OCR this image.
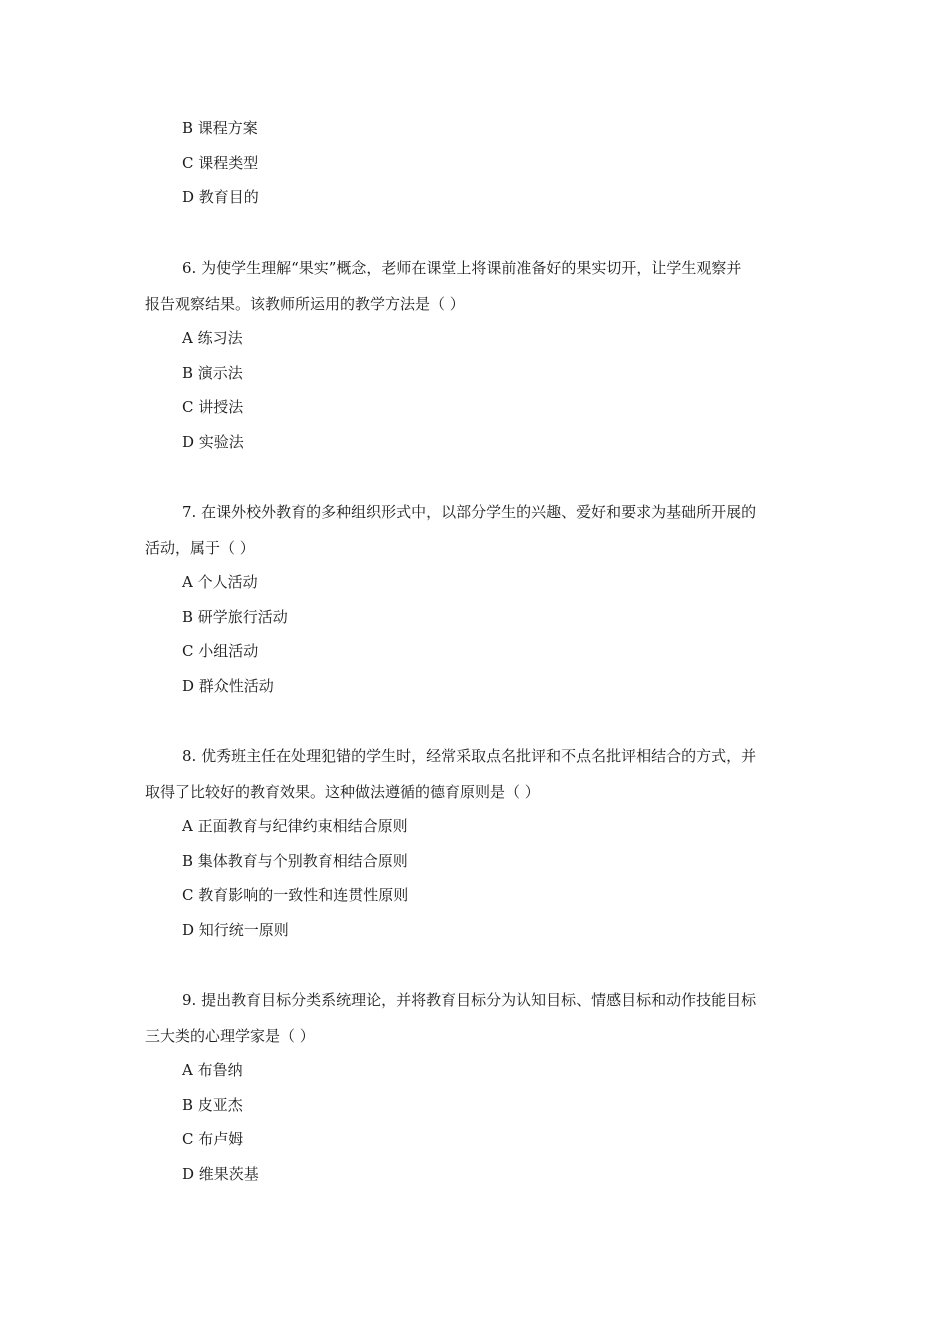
B 课程方案
C 课程类型
D 教育目的
6. 为使学生理解“果实”概念，老师在课堂上将课前准备好的果实切开，让学生观察并
报告观察结果。该教师所运用的教学方法是（ ）
A 练习法
B 演示法
C 讲授法
D 实验法
7. 在课外校外教育的多种组织形式中，以部分学生的兴趣、爱好和要求为基础所开展的
活动，属于（ ）
A 个人活动
B 研学旅行活动
C 小组活动
D 群众性活动
8. 优秀班主任在处理犯错的学生时，经常采取点名批评和不点名批评相结合的方式，并
取得了比较好的教育效果。这种做法遵循的德育原则是（ ）
A 正面教育与纪律约束相结合原则
B 集体教育与个别教育相结合原则
C 教育影响的一致性和连贯性原则
D 知行统一原则
9. 提出教育目标分类系统理论，并将教育目标分为认知目标、情感目标和动作技能目标
三大类的心理学家是（ ）
A 布鲁纳
B 皮亚杰
C 布卢姆
D 维果茨基
